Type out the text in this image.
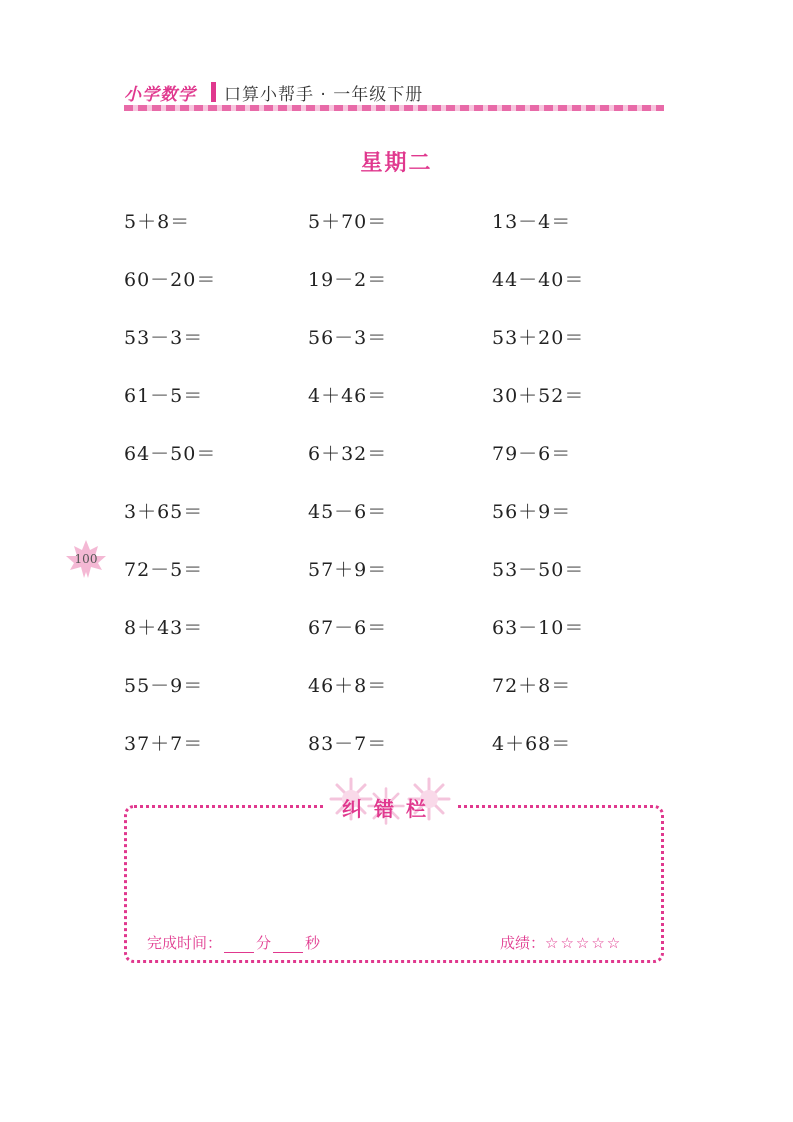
小学数学 口算小帮手 · 一年级下册
星期二
5＋8＝	5＋70＝	13－4＝
60－20＝	19－2＝	44－40＝
53－3＝	56－3＝	53＋20＝
61－5＝	4＋46＝	30＋52＝
64－50＝	6＋32＝	79－6＝
3＋65＝	45－6＝	56＋9＝
72－5＝	57＋9＝	53－50＝
8＋43＝	67－6＝	63－10＝
55－9＝	46＋8＝	72＋8＝
37＋7＝	83－7＝	4＋68＝
100
纠错栏
完成时间： 分 秒	成绩：☆☆☆☆☆
